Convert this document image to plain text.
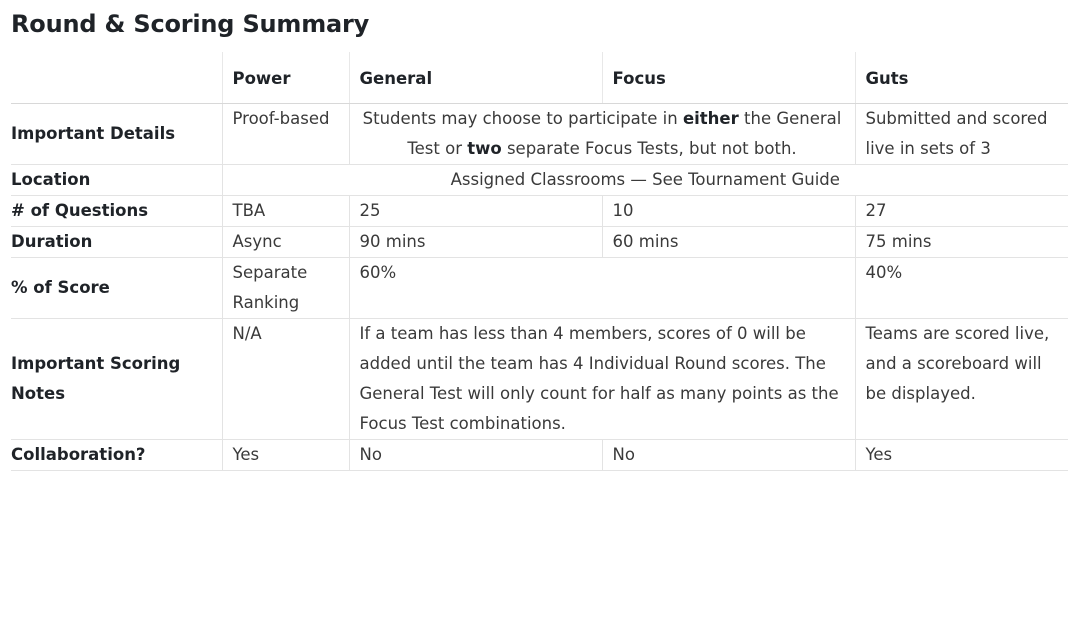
Round & Scoring Summary
	Power	General	Focus	Guts
Important Details	Proof-based	Students may choose to participate in either the General Test or two separate Focus Tests, but not both.		Submitted and scored live in sets of 3
Location	Assigned Classrooms — See Tournament Guide			
# of Questions	TBA	25	10	27
Duration	Async	90 mins	60 mins	75 mins
% of Score	Separate Ranking	60%		40%
Important Scoring Notes	N/A	If a team has less than 4 members, scores of 0 will be added until the team has 4 Individual Round scores. The General Test will only count for half as many points as the Focus Test combinations.		Teams are scored live, and a scoreboard will be displayed.
Collaboration?	Yes	No	No	Yes
